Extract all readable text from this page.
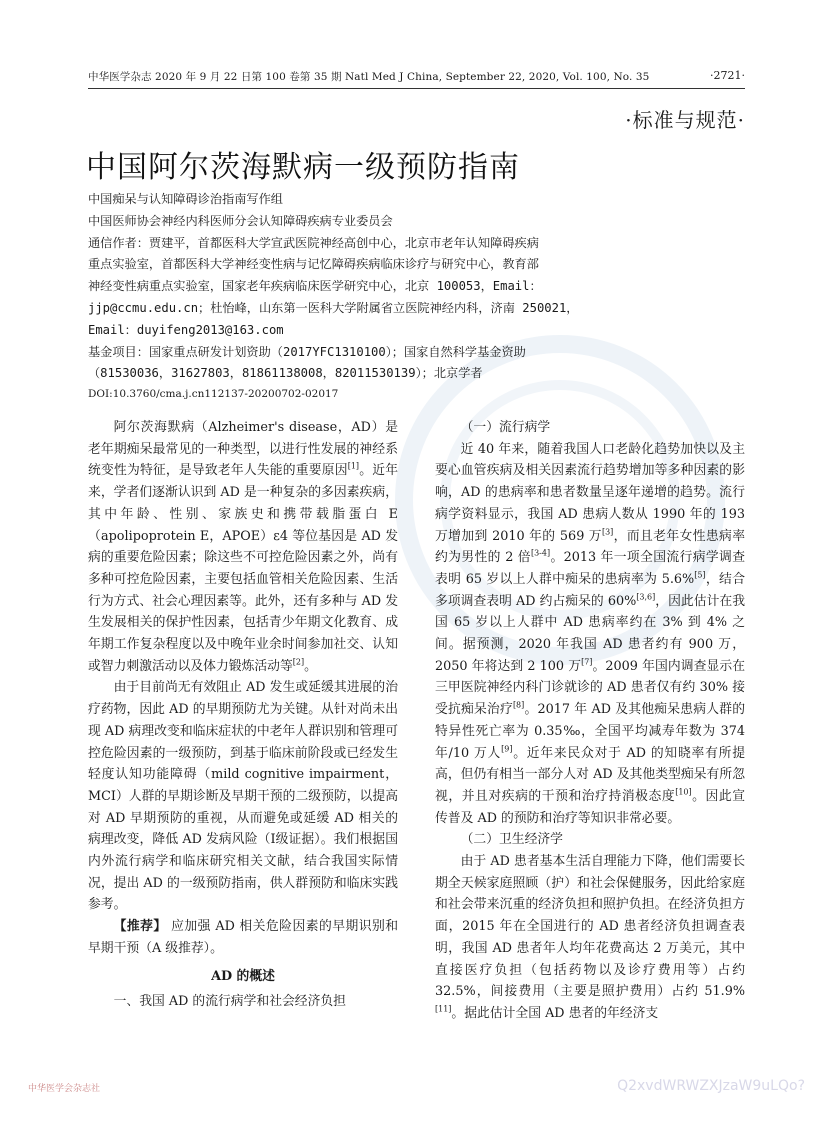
中华医学杂志 2020 年 9 月 22 日第 100 卷第 35 期 Natl Med J China, September 22, 2020, Vol. 100, No. 35	·2721·
·标准与规范·
中国阿尔茨海默病一级预防指南
中国痴呆与认知障碍诊治指南写作组
中国医师协会神经内科医师分会认知障碍疾病专业委员会
通信作者：贾建平，首都医科大学宣武医院神经高创中心，北京市老年认知障碍疾病
重点实验室，首都医科大学神经变性病与记忆障碍疾病临床诊疗与研究中心，教育部
神经变性病重点实验室，国家老年疾病临床医学研究中心，北京 100053，Email：
jjp@ccmu.edu.cn；杜怡峰，山东第一医科大学附属省立医院神经内科，济南 250021，
Email：duyifeng2013@163.com
基金项目：国家重点研发计划资助（2017YFC1310100）；国家自然科学基金资助
（81530036，31627803，81861138008，82011530139）；北京学者
DOI:10.3760/cma.j.cn112137-20200702-02017

阿尔茨海默病（Alzheimer's disease，AD）是老年期痴呆最常见的一种类型，以进行性发展的神经系统变性为特征，是导致老年人失能的重要原因[1]。近年来，学者们逐渐认识到 AD 是一种复杂的多因素疾病，其中年龄、性别、家族史和携带载脂蛋白 E（apolipoprotein E，APOE）ε4 等位基因是 AD 发病的重要危险因素；除这些不可控危险因素之外，尚有多种可控危险因素，主要包括血管相关危险因素、生活行为方式、社会心理因素等。此外，还有多种与 AD 发生发展相关的保护性因素，包括青少年期文化教育、成年期工作复杂程度以及中晚年业余时间参加社交、认知或智力刺激活动以及体力锻炼活动等[2]。

由于目前尚无有效阻止 AD 发生或延缓其进展的治疗药物，因此 AD 的早期预防尤为关键。从针对尚未出现 AD 病理改变和临床症状的中老年人群识别和管理可控危险因素的一级预防，到基于临床前阶段或已经发生轻度认知功能障碍（mild cognitive impairment，MCI）人群的早期诊断及早期干预的二级预防，以提高对 AD 早期预防的重视，从而避免或延缓 AD 相关的病理改变，降低 AD 发病风险（Ⅰ级证据）。我们根据国内外流行病学和临床研究相关文献，结合我国实际情况，提出 AD 的一级预防指南，供人群预防和临床实践参考。

【推荐】 应加强 AD 相关危险因素的早期识别和早期干预（A 级推荐）。

AD 的概述

一、我国 AD 的流行病学和社会经济负担

（一）流行病学

近 40 年来，随着我国人口老龄化趋势加快以及主要心血管疾病及相关因素流行趋势增加等多种因素的影响，AD 的患病率和患者数量呈逐年递增的趋势。流行病学资料显示，我国 AD 患病人数从 1990 年的 193 万增加到 2010 年的 569 万[3]，而且老年女性患病率约为男性的 2 倍[3-4]。2013 年一项全国流行病学调查表明 65 岁以上人群中痴呆的患病率为 5.6%[5]，结合多项调查表明 AD 约占痴呆的 60%[3,6]，因此估计在我国 65 岁以上人群中 AD 患病率约在 3% 到 4% 之间。据预测，2020 年我国 AD 患者约有 900 万，2050 年将达到 2 100 万[7]。2009 年国内调查显示在三甲医院神经内科门诊就诊的 AD 患者仅有约 30% 接受抗痴呆治疗[8]。2017 年 AD 及其他痴呆患病人群的特异性死亡率为 0.35‰，全国平均减寿年数为 374 年/10 万人[9]。近年来民众对于 AD 的知晓率有所提高，但仍有相当一部分人对 AD 及其他类型痴呆有所忽视，并且对疾病的干预和治疗持消极态度[10]。因此宣传普及 AD 的预防和治疗等知识非常必要。

（二）卫生经济学

由于 AD 患者基本生活自理能力下降，他们需要长期全天候家庭照顾（护）和社会保健服务，因此给家庭和社会带来沉重的经济负担和照护负担。在经济负担方面，2015 年在全国进行的 AD 患者经济负担调查表明，我国 AD 患者年人均年花费高达 2 万美元，其中直接医疗负担（包括药物以及诊疗费用等）占约 32.5%，间接费用（主要是照护费用）占约 51.9%[11]。据此估计全国 AD 患者的年经济支

中华医学会杂志社	Q2xvdWRWZXJzaW9uLQo?
